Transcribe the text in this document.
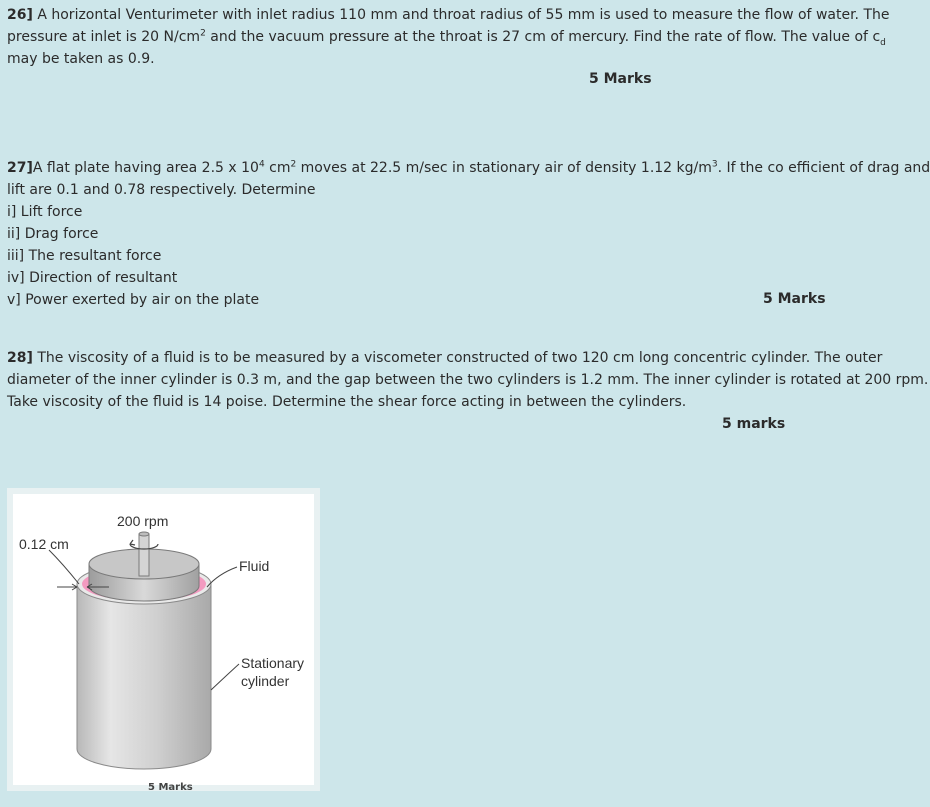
26] A horizontal Venturimeter with inlet radius 110 mm and throat radius of 55 mm is used to measure the flow of water. The
pressure at inlet is 20 $N/cm^2$ and the vacuum pressure at the throat is 27 cm of mercury. Find the rate of flow. The value of $c_d$
may be taken as 0.9.
5 Marks
27]A flat plate having area 2.5 x $10^4$ $cm^2$ moves at 22.5 m/sec in stationary air of density 1.12 $kg/m^3$. If the co efficient of drag and
lift are 0.1 and 0.78 respectively. Determine
i] Lift force
ii] Drag force
iii] The resultant force
iv] Direction of resultant
v] Power exerted by air on the plate	5 Marks
28] The viscosity of a fluid is to be measured by a viscometer constructed of two 120 cm long concentric cylinder. The outer
diameter of the inner cylinder is 0.3 m, and the gap between the two cylinders is 1.2 mm. The inner cylinder is rotated at 200 rpm.
Take viscosity of the fluid is 14 poise. Determine the shear force acting in between the cylinders.
5 marks
200 rpm
0.12 cm
Fluid
Stationary
cylinder
5 Marks
